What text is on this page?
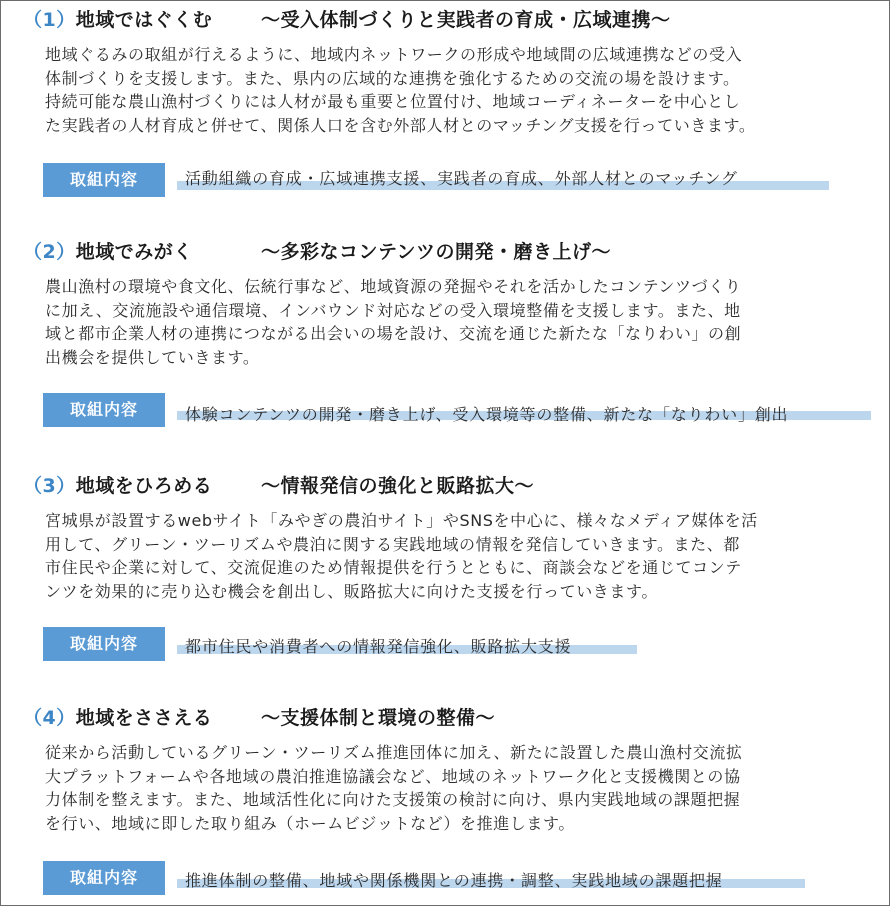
（1）地域ではぐくむ	～受入体制づくりと実践者の育成・広域連携～
地域ぐるみの取組が行えるように、地域内ネットワークの形成や地域間の広域連携などの受入
体制づくりを支援します。また、県内の広域的な連携を強化するための交流の場を設けます。
持続可能な農山漁村づくりには人材が最も重要と位置付け、地域コーディネーターを中心とし
た実践者の人材育成と併せて、関係人口を含む外部人材とのマッチング支援を行っていきます。
取組内容	活動組織の育成・広域連携支援、実践者の育成、外部人材とのマッチング
（2）地域でみがく	～多彩なコンテンツの開発・磨き上げ～
農山漁村の環境や食文化、伝統行事など、地域資源の発掘やそれを活かしたコンテンツづくり
に加え、交流施設や通信環境、インバウンド対応などの受入環境整備を支援します。また、地
域と都市企業人材の連携につながる出会いの場を設け、交流を通じた新たな「なりわい」の創
出機会を提供していきます。
取組内容	体験コンテンツの開発・磨き上げ、受入環境等の整備、新たな「なりわい」創出
（3）地域をひろめる	～情報発信の強化と販路拡大～
宮城県が設置するwebサイト「みやぎの農泊サイト」やSNSを中心に、様々なメディア媒体を活
用して、グリーン・ツーリズムや農泊に関する実践地域の情報を発信していきます。また、都
市住民や企業に対して、交流促進のため情報提供を行うとともに、商談会などを通じてコンテ
ンツを効果的に売り込む機会を創出し、販路拡大に向けた支援を行っていきます。
取組内容	都市住民や消費者への情報発信強化、販路拡大支援
（4）地域をささえる	～支援体制と環境の整備～
従来から活動しているグリーン・ツーリズム推進団体に加え、新たに設置した農山漁村交流拡
大プラットフォームや各地域の農泊推進協議会など、地域のネットワーク化と支援機関との協
力体制を整えます。また、地域活性化に向けた支援策の検討に向け、県内実践地域の課題把握
を行い、地域に即した取り組み（ホームビジットなど）を推進します。
取組内容	推進体制の整備、地域や関係機関との連携・調整、実践地域の課題把握
